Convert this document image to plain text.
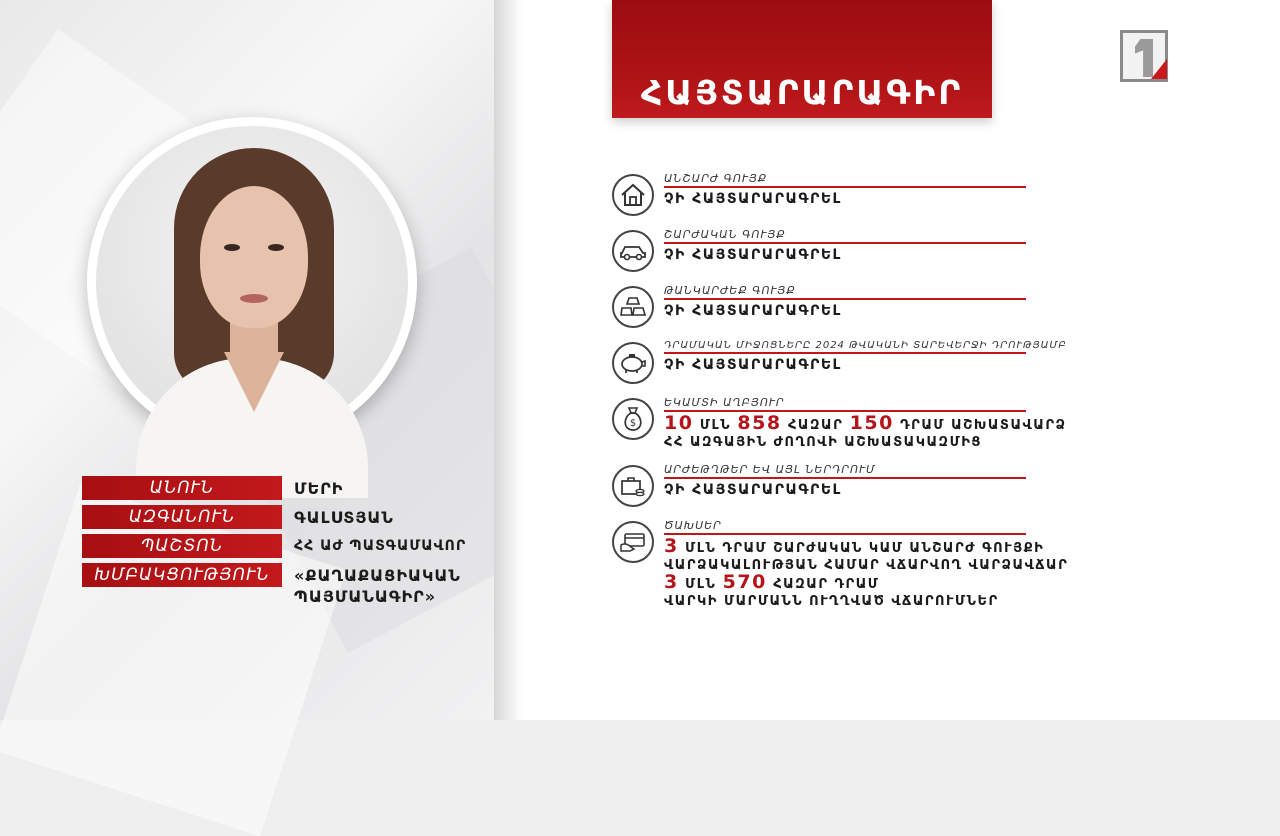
ԱՆՈՒՆ	ՄԵՐԻ
ԱԶԳԱՆՈՒՆ	ԳԱԼՍՏՅԱՆ
ՊԱՇՏՈՆ	ՀՀ ԱԺ ՊԱՏԳԱՄԱՎՈՐ
ԽՄԲԱԿՑՈՒԹՅՈՒՆ	«ՔԱՂԱՔԱՑԻԱԿԱՆ ՊԱՅՄԱՆԱԳԻՐ»
ՀԱՅՏԱՐԱՐԱԳԻՐ
ԱՆՇԱՐԺ ԳՈՒՅՔ
ՉԻ ՀԱՅՏԱՐԱՐԱԳՐԵԼ
ՇԱՐԺԱԿԱՆ ԳՈՒՅՔ
ՉԻ ՀԱՅՏԱՐԱՐԱԳՐԵԼ
ԹԱՆԿԱՐԺԵՔ ԳՈՒՅՔ
ՉԻ ՀԱՅՏԱՐԱՐԱԳՐԵԼ
ԴՐԱՄԱԿԱՆ ՄԻՋՈՑՆԵՐԸ 2024 ԹՎԱԿԱՆԻ ՏԱՐԵՎԵՐՋԻ ԴՐՈՒԹՅԱՄԲ
ՉԻ ՀԱՅՏԱՐԱՐԱԳՐԵԼ
$
ԵԿԱՄՏԻ ԱՂԲՅՈՒՐ
10 ՄԼՆ 858 ՀԱԶԱՐ 150 ԴՐԱՄ ԱՇԽԱՏԱՎԱՐՁ
ՀՀ ԱԶԳԱՅԻՆ ԺՈՂՈՎԻ ԱՇԽԱՏԱԿԱԶՄԻՑ
ԱՐԺԵԹՂԹԵՐ ԵՎ ԱՅԼ ՆԵՐԴՐՈՒՄ
ՉԻ ՀԱՅՏԱՐԱՐԱԳՐԵԼ
ԾԱԽՍԵՐ
3 ՄԼՆ ԴՐԱՄ ՇԱՐԺԱԿԱՆ ԿԱՄ ԱՆՇԱՐԺ ԳՈՒՅՔԻ
ՎԱՐՁԱԿԱԼՈՒԹՅԱՆ ՀԱՄԱՐ ՎՃԱՐՎՈՂ ՎԱՐՁԱՎՃԱՐ
3 ՄԼՆ 570 ՀԱԶԱՐ ԴՐԱՄ
ՎԱՐԿԻ ՄԱՐՄԱՆՆ ՈՒՂՂՎԱԾ ՎՃԱՐՈՒՄՆԵՐ
